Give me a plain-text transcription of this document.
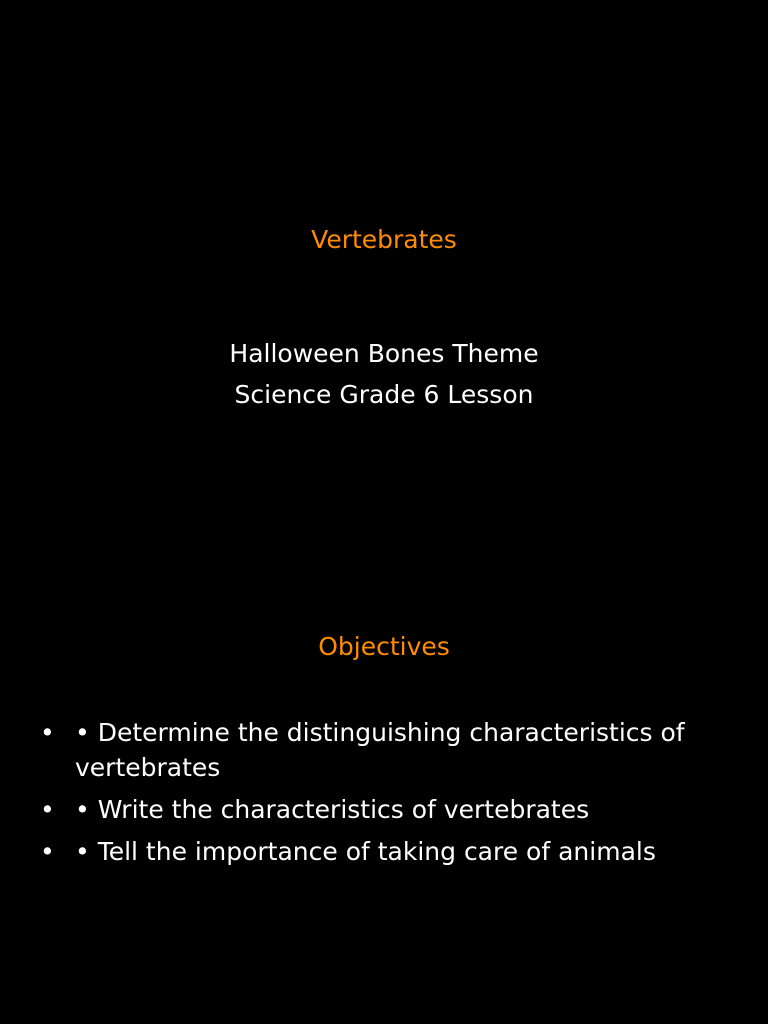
Vertebrates
Halloween Bones Theme
Science Grade 6 Lesson
Objectives
• • Determine the distinguishing characteristics of vertebrates
• • Write the characteristics of vertebrates
• • Tell the importance of taking care of animals
